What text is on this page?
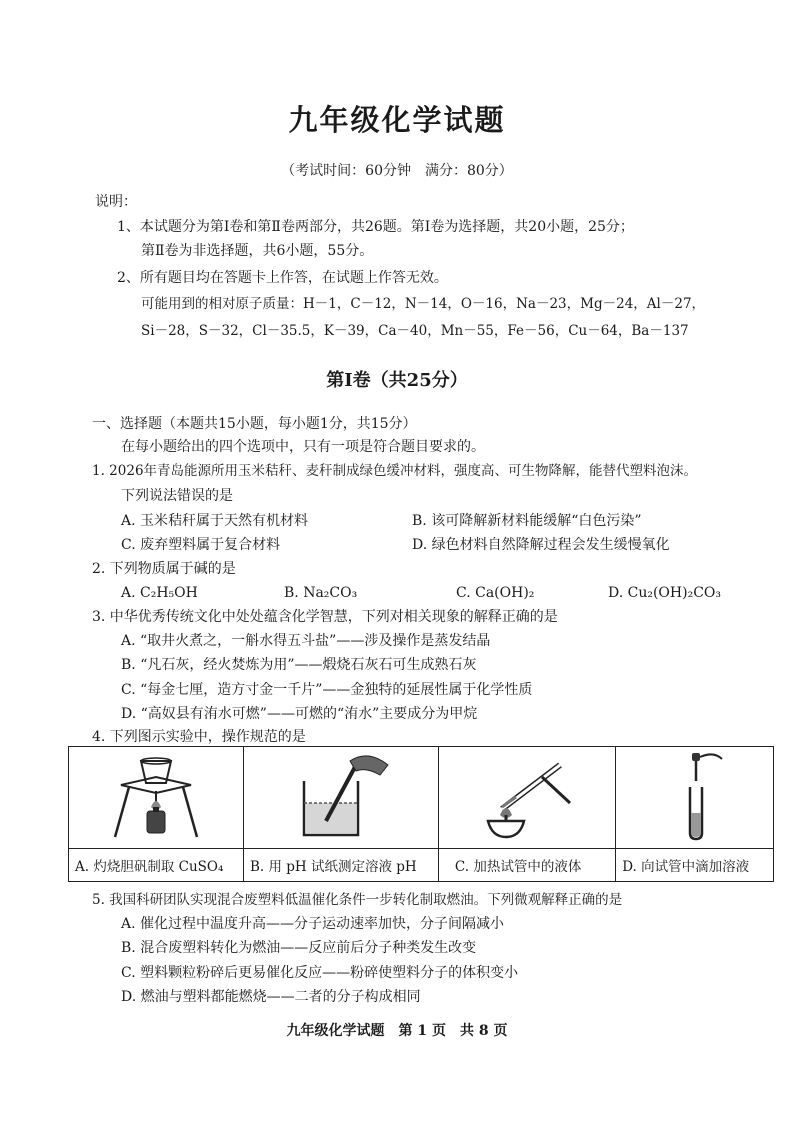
九年级化学试题
（考试时间：60分钟　满分：80分）
说明：
1、本试题分为第Ⅰ卷和第Ⅱ卷两部分，共26题。第Ⅰ卷为选择题，共20小题，25分；
第Ⅱ卷为非选择题，共6小题，55分。
2、所有题目均在答题卡上作答，在试题上作答无效。
可能用到的相对原子质量：H－1，C－12，N－14，O－16，Na－23，Mg－24，Al－27，
Si－28，S－32，Cl－35.5，K－39，Ca－40，Mn－55，Fe－56，Cu－64，Ba－137
第Ⅰ卷（共25分）
一、选择题（本题共15小题，每小题1分，共15分）
在每小题给出的四个选项中，只有一项是符合题目要求的。
1. 2026年青岛能源所用玉米秸秆、麦秆制成绿色缓冲材料，强度高、可生物降解，能替代塑料泡沫。
下列说法错误的是
A. 玉米秸秆属于天然有机材料	B. 该可降解新材料能缓解“白色污染”
C. 废弃塑料属于复合材料	D. 绿色材料自然降解过程会发生缓慢氧化
2. 下列物质属于碱的是
A. C₂H₅OH	B. Na₂CO₃	C. Ca(OH)₂	D. Cu₂(OH)₂CO₃
3. 中华优秀传统文化中处处蕴含化学智慧，下列对相关现象的解释正确的是
A. “取井火煮之，一斛水得五斗盐”——涉及操作是蒸发结晶
B. “凡石灰，经火焚炼为用”——煅烧石灰石可生成熟石灰
C. “每金七厘，造方寸金一千片”——金独特的延展性属于化学性质
D. “高奴县有洧水可燃”——可燃的“洧水”主要成分为甲烷
4. 下列图示实验中，操作规范的是

A. 灼烧胆矾制取 CuSO₄	B. 用 pH 试纸测定溶液 pH	C. 加热试管中的液体	D. 向试管中滴加溶液
5. 我国科研团队实现混合废塑料低温催化条件一步转化制取燃油。下列微观解释正确的是
A. 催化过程中温度升高——分子运动速率加快，分子间隔减小
B. 混合废塑料转化为燃油——反应前后分子种类发生改变
C. 塑料颗粒粉碎后更易催化反应——粉碎使塑料分子的体积变小
D. 燃油与塑料都能燃烧——二者的分子构成相同
九年级化学试题　第 1 页　共 8 页
